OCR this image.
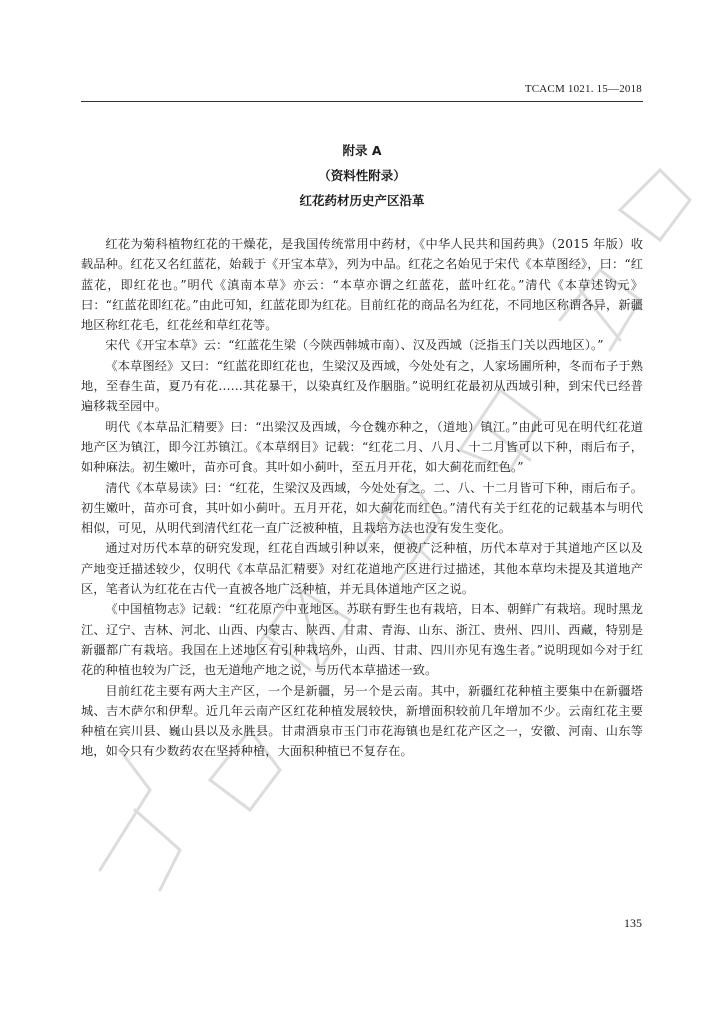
TCACM 1021. 15—2018
附录 A
（资料性附录）
红花药材历史产区沿革

红花为菊科植物红花的干燥花，是我国传统常用中药材，《中华人民共和国药典》（2015 年版）收载品种。红花又名红蓝花，始载于《开宝本草》，列为中品。红花之名始见于宋代《本草图经》，曰：“红蓝花，即红花也。”明代《滇南本草》亦云：“本草亦谓之红蓝花，蓝叶红花。”清代《本草述钩元》曰：“红蓝花即红花。”由此可知，红蓝花即为红花。目前红花的商品名为红花，不同地区称谓各异，新疆地区称红花毛，红花丝和草红花等。

宋代《开宝本草》云：“红蓝花生梁（今陕西韩城市南）、汉及西域（泛指玉门关以西地区）。”

《本草图经》又曰：“红蓝花即红花也，生梁汉及西域，今处处有之，人家场圃所种，冬而布子于熟地，至春生苗，夏乃有花……其花暴干，以染真红及作胭脂。”说明红花最初从西域引种，到宋代已经普遍移栽至园中。

明代《本草品汇精要》曰：“出梁汉及西域，今仓魏亦种之，（道地）镇江。”由此可见在明代红花道地产区为镇江，即今江苏镇江。《本草纲目》记载：“红花二月、八月、十二月皆可以下种，雨后布子，如种麻法。初生嫩叶，苗亦可食。其叶如小蓟叶，至五月开花，如大蓟花而红色。”

清代《本草易读》曰：“红花，生梁汉及西域，今处处有之。二、八、十二月皆可下种，雨后布子。初生嫩叶，苗亦可食，其叶如小蓟叶。五月开花，如大蓟花而红色。”清代有关于红花的记载基本与明代相似，可见，从明代到清代红花一直广泛被种植，且栽培方法也没有发生变化。

通过对历代本草的研究发现，红花自西域引种以来，便被广泛种植，历代本草对于其道地产区以及产地变迁描述较少，仅明代《本草品汇精要》对红花道地产区进行过描述，其他本草均未提及其道地产区，笔者认为红花在古代一直被各地广泛种植，并无具体道地产区之说。

《中国植物志》记载：“红花原产中亚地区。苏联有野生也有栽培，日本、朝鲜广有栽培。现时黑龙江、辽宁、吉林、河北、山西、内蒙古、陕西、甘肃、青海、山东、浙江、贵州、四川、西藏，特别是新疆都广有栽培。我国在上述地区有引种栽培外，山西、甘肃、四川亦见有逸生者。”说明现如今对于红花的种植也较为广泛，也无道地产地之说，与历代本草描述一致。

目前红花主要有两大主产区，一个是新疆，另一个是云南。其中，新疆红花种植主要集中在新疆塔城、吉木萨尔和伊犁。近几年云南产区红花种植发展较快，新增面积较前几年增加不少。云南红花主要种植在宾川县、巍山县以及永胜县。甘肃酒泉市玉门市花海镇也是红花产区之一，安徽、河南、山东等地，如今只有少数药农在坚持种植，大面积种植已不复存在。

135
